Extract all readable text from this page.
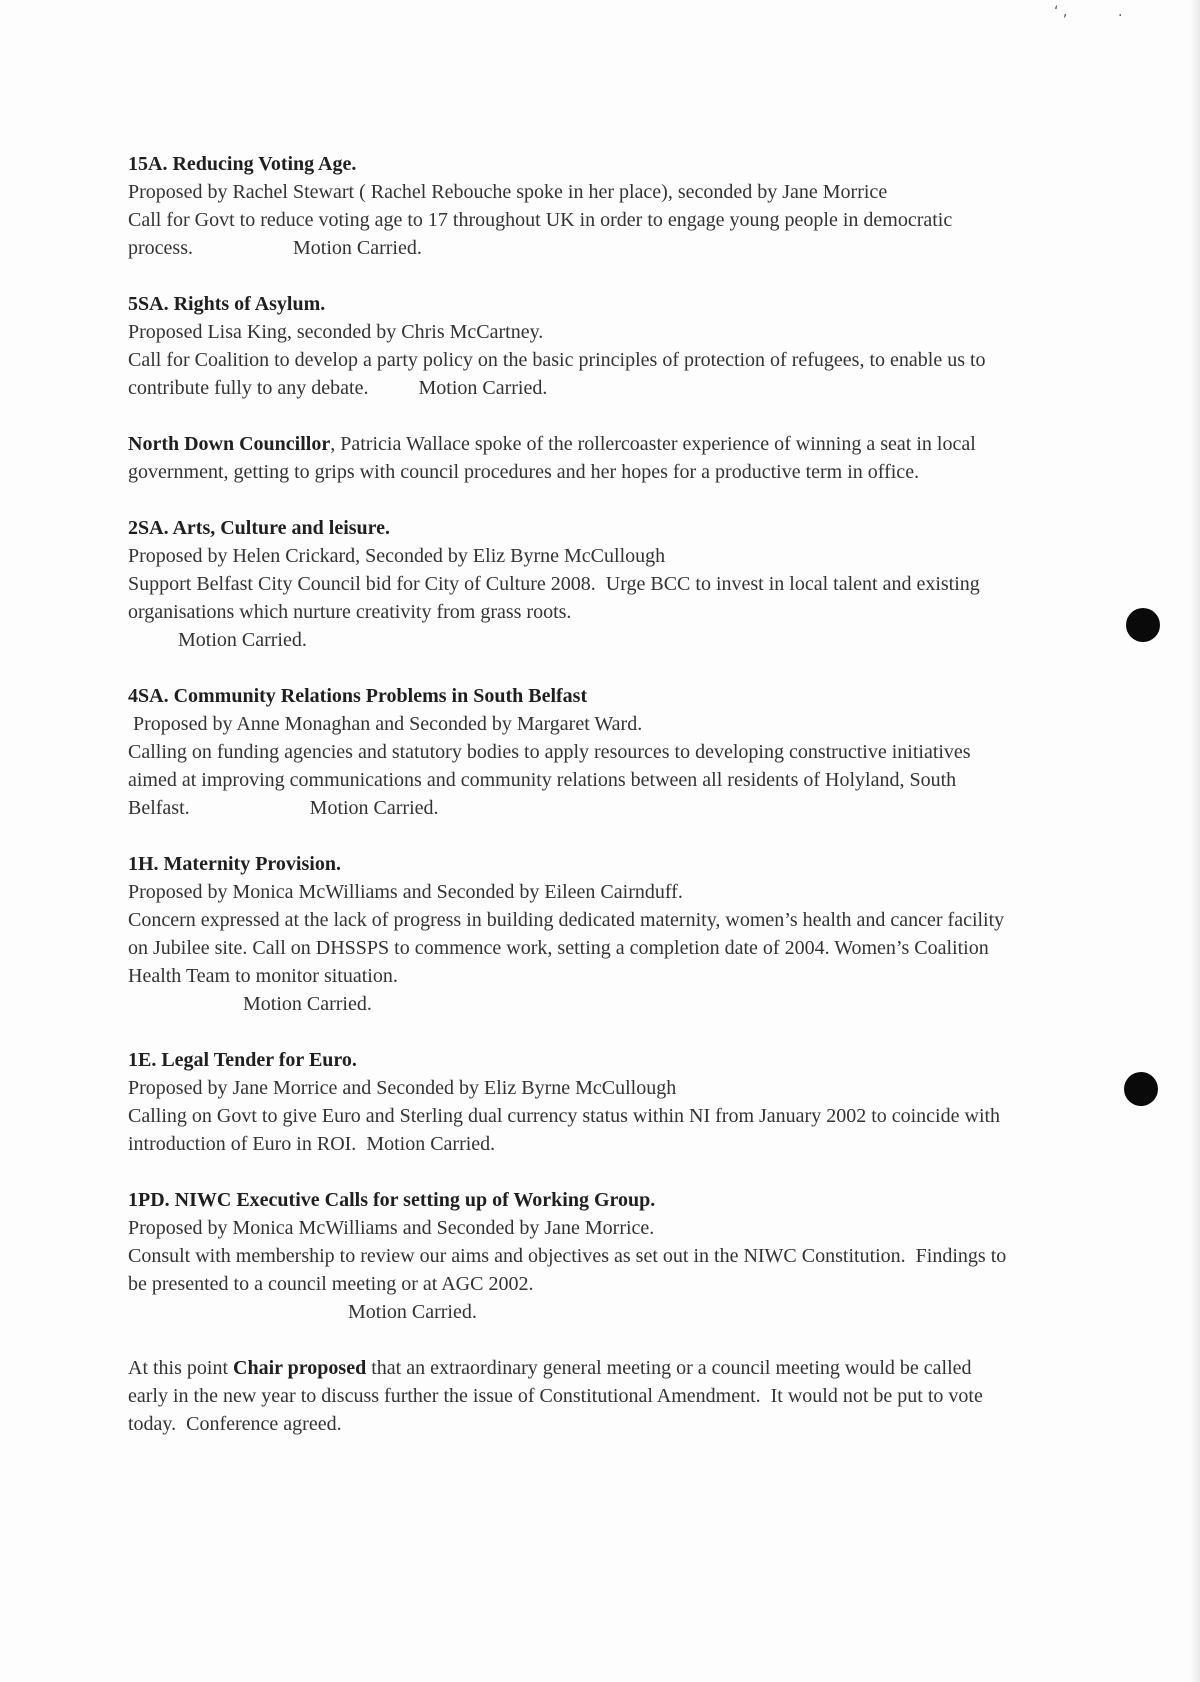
‘ ,	.
15A. Reducing Voting Age.

Proposed by Rachel Stewart ( Rachel Rebouche spoke in her place), seconded by Jane Morrice

Call for Govt to reduce voting age to 17 throughout UK in order to engage young people in democratic process.	Motion Carried.

5SA. Rights of Asylum.

Proposed Lisa King, seconded by Chris McCartney.

Call for Coalition to develop a party policy on the basic principles of protection of refugees, to enable us to contribute fully to any debate.	Motion Carried.

North Down Councillor, Patricia Wallace spoke of the rollercoaster experience of winning a seat in local government, getting to grips with council procedures and her hopes for a productive term in office.

2SA. Arts, Culture and leisure.

Proposed by Helen Crickard, Seconded by Eliz Byrne McCullough

Support Belfast City Council bid for City of Culture 2008.  Urge BCC to invest in local talent and existing organisations which nurture creativity from grass roots.

Motion Carried.

4SA. Community Relations Problems in South Belfast

Proposed by Anne Monaghan and Seconded by Margaret Ward.

Calling on funding agencies and statutory bodies to apply resources to developing constructive initiatives aimed at improving communications and community relations between all residents of Holyland, South Belfast.	Motion Carried.

1H. Maternity Provision.

Proposed by Monica McWilliams and Seconded by Eileen Cairnduff.

Concern expressed at the lack of progress in building dedicated maternity, women’s health and cancer facility on Jubilee site. Call on DHSSPS to commence work, setting a completion date of 2004. Women’s Coalition Health Team to monitor situation.

Motion Carried.

1E. Legal Tender for Euro.

Proposed by Jane Morrice and Seconded by Eliz Byrne McCullough

Calling on Govt to give Euro and Sterling dual currency status within NI from January 2002 to coincide with introduction of Euro in ROI. Motion Carried.

1PD. NIWC Executive Calls for setting up of Working Group.

Proposed by Monica McWilliams and Seconded by Jane Morrice.

Consult with membership to review our aims and objectives as set out in the NIWC Constitution.  Findings to be presented to a council meeting or at AGC 2002.

Motion Carried.

At this point Chair proposed that an extraordinary general meeting or a council meeting would be called early in the new year to discuss further the issue of Constitutional Amendment.  It would not be put to vote today.  Conference agreed.
